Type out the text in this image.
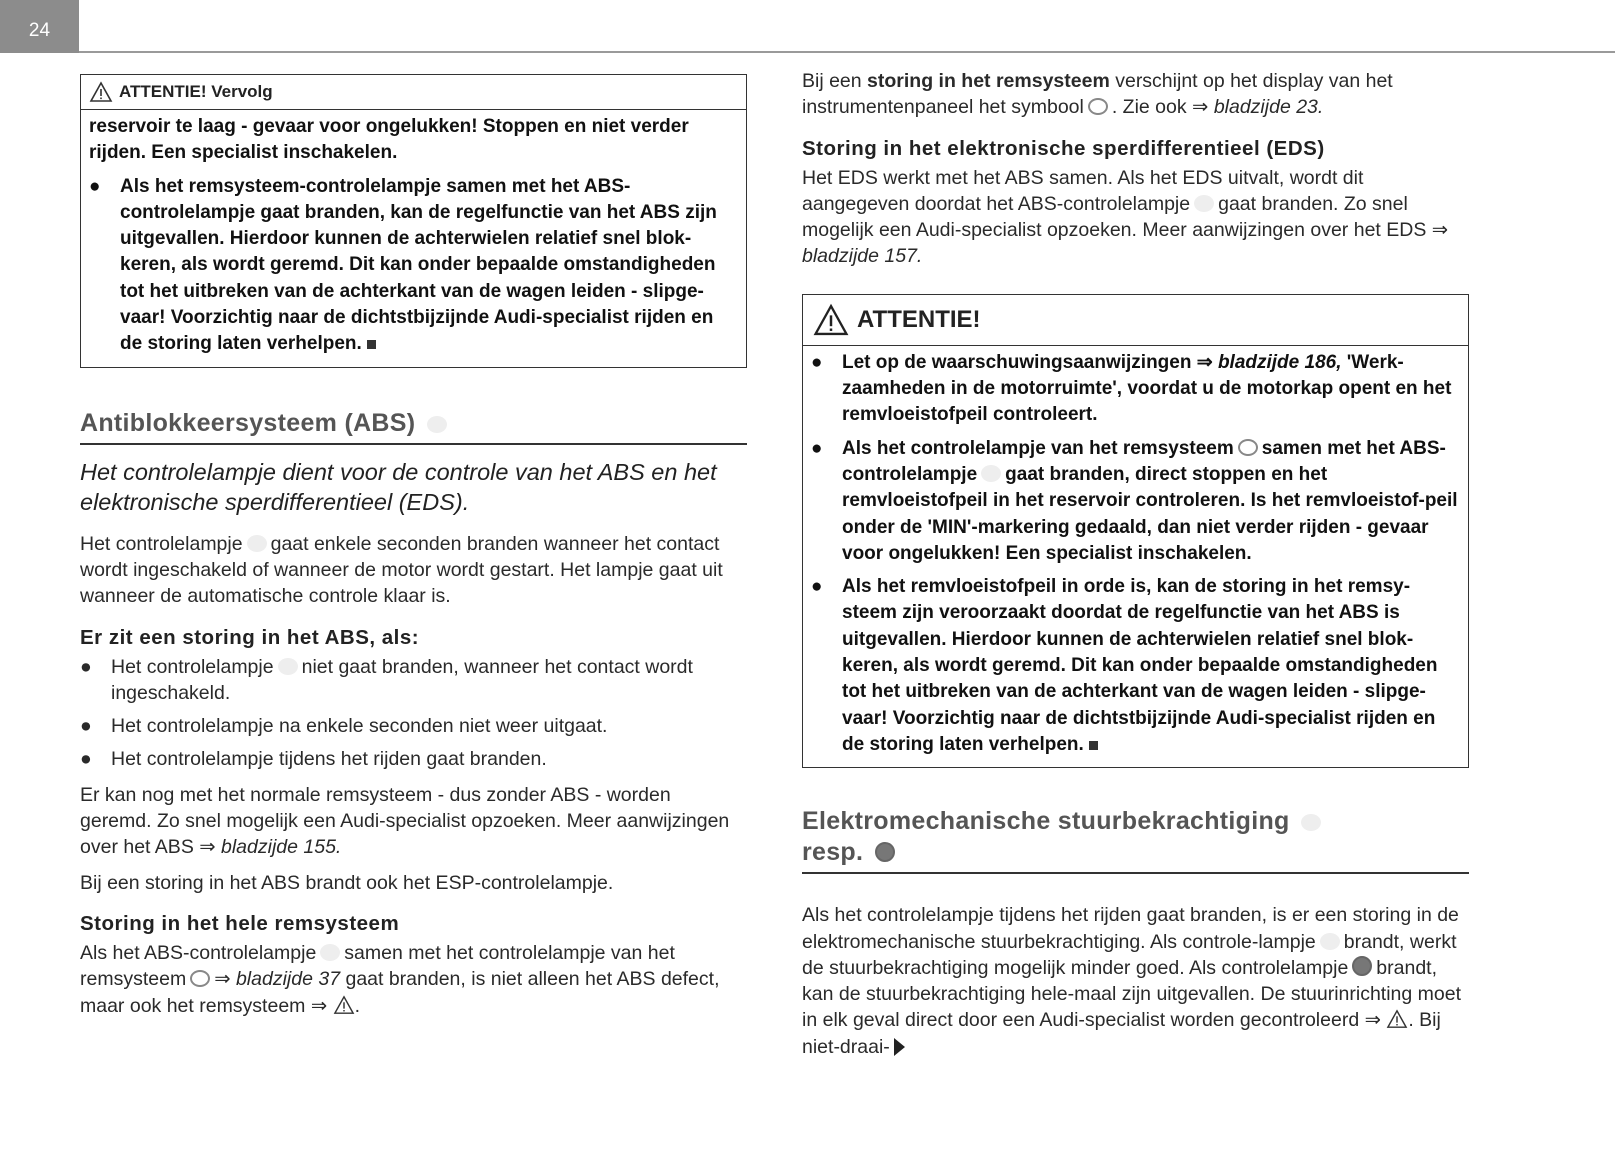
24
ATTENTIE! Vervolg

reservoir te laag - gevaar voor ongelukken! Stoppen en niet verder rijden. Een specialist inschakelen.

● Als het remsysteem-controlelampje samen met het ABS-controlelampje gaat branden, kan de regelfunctie van het ABS zijn uitgevallen. Hierdoor kunnen de achterwielen relatief snel blok-keren, als wordt geremd. Dit kan onder bepaalde omstandigheden tot het uitbreken van de achterkant van de wagen leiden - slipge-vaar! Voorzichtig naar de dichtstbijzijnde Audi-specialist rijden en de storing laten verhelpen.

Antiblokkeersysteem (ABS)

Het controlelampje dient voor de controle van het ABS en het elektronische sperdifferentieel (EDS).

Het controlelampje gaat enkele seconden branden wanneer het contact wordt ingeschakeld of wanneer de motor wordt gestart. Het lampje gaat uit wanneer de automatische controle klaar is.

Er zit een storing in het ABS, als:

● Het controlelampje niet gaat branden, wanneer het contact wordt ingeschakeld.

● Het controlelampje na enkele seconden niet weer uitgaat.

● Het controlelampje tijdens het rijden gaat branden.

Er kan nog met het normale remsysteem - dus zonder ABS - worden geremd. Zo snel mogelijk een Audi-specialist opzoeken. Meer aanwijzingen over het ABS ⇒ bladzijde 155.

Bij een storing in het ABS brandt ook het ESP-controlelampje.

Storing in het hele remsysteem

Als het ABS-controlelampje samen met het controlelampje van het remsysteem ⇒ bladzijde 37 gaat branden, is niet alleen het ABS defect, maar ook het remsysteem ⇒ .

Bij een storing in het remsysteem verschijnt op het display van het instrumentenpaneel het symbool . Zie ook ⇒ bladzijde 23.

Storing in het elektronische sperdifferentieel (EDS)

Het EDS werkt met het ABS samen. Als het EDS uitvalt, wordt dit aangegeven doordat het ABS-controlelampje gaat branden. Zo snel mogelijk een Audi-specialist opzoeken. Meer aanwijzingen over het EDS ⇒ bladzijde 157.

ATTENTIE!

● Let op de waarschuwingsaanwijzingen ⇒ bladzijde 186, 'Werk-zaamheden in de motorruimte', voordat u de motorkap opent en het remvloeistofpeil controleert.

● Als het controlelampje van het remsysteem samen met het ABS-controlelampje gaat branden, direct stoppen en het remvloeistofpeil in het reservoir controleren. Is het remvloeistof-peil onder de 'MIN'-markering gedaald, dan niet verder rijden - gevaar voor ongelukken! Een specialist inschakelen.

● Als het remvloeistofpeil in orde is, kan de storing in het remsy-steem zijn veroorzaakt doordat de regelfunctie van het ABS is uitgevallen. Hierdoor kunnen de achterwielen relatief snel blok-keren, als wordt geremd. Dit kan onder bepaalde omstandigheden tot het uitbreken van de achterkant van de wagen leiden - slipge-vaar! Voorzichtig naar de dichtstbijzijnde Audi-specialist rijden en de storing laten verhelpen.

Elektromechanische stuurbekrachtiging
resp.

Als het controlelampje tijdens het rijden gaat branden, is er een storing in de elektromechanische stuurbekrachtiging. Als controle-lampje brandt, werkt de stuurbekrachtiging mogelijk minder goed. Als controlelampje brandt, kan de stuurbekrachtiging hele-maal zijn uitgevallen. De stuurinrichting moet in elk geval direct door een Audi-specialist worden gecontroleerd ⇒ . Bij niet-draai-
